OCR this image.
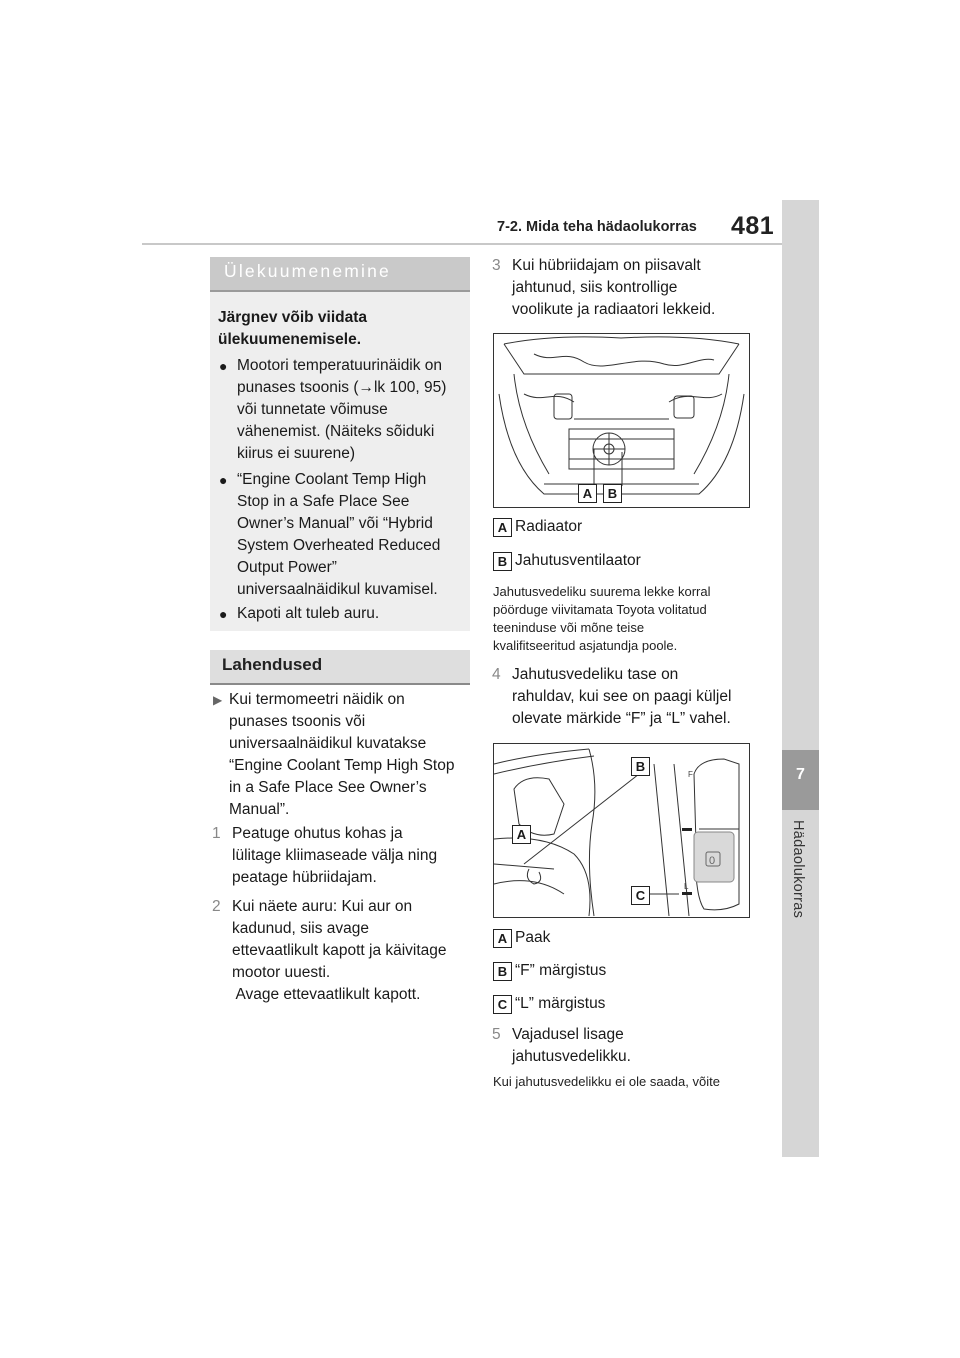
7-2. Mida teha hädaolukorras 481
7
Hädaolukorras
Ülekuumenemine
Järgnev võib viidata
ülekuumenemisele.
● Mootori temperatuurinäidik on
punases tsoonis (→lk 100, 95)
või tunnetate võimuse
vähenemist. (Näiteks sõiduki
kiirus ei suurene)
● “Engine Coolant Temp High
Stop in a Safe Place See
Owner’s Manual” või “Hybrid
System Overheated Reduced
Output Power”
universaalnäidikul kuvamisel.
● Kapoti alt tuleb auru.
Lahendused
▶ Kui termomeetri näidik on
punases tsoonis või
universaalnäidikul kuvatakse
“Engine Coolant Temp High Stop
in a Safe Place See Owner’s
Manual”.
1 Peatuge ohutus kohas ja
lülitage kliimaseade välja ning
peatage hübriidajam.
2 Kui näete auru: Kui aur on
kadunud, siis avage
ettevaatlikult kapott ja käivitage
mootor uuesti.
Avage ettevaatlikult kapott.
3 Kui hübriidajam on piisavalt
jahtunud, siis kontrollige
voolikute ja radiaatori lekkeid.
A	B
A Radiaator
B Jahutusventilaator
Jahutusvedeliku suurema lekke korral
pöörduge viivitamata Toyota volitatud
teeninduse või mõne teise
kvalifitseeritud asjatundja poole.
4 Jahutusvedeliku tase on
rahuldav, kui see on paagi küljel
olevate märkide “F” ja “L” vahel.
F
L
0
B
A
C
A Paak
B “F” märgistus
C “L” märgistus
5 Vajadusel lisage
jahutusvedelikku.
Kui jahutusvedelikku ei ole saada, võite
